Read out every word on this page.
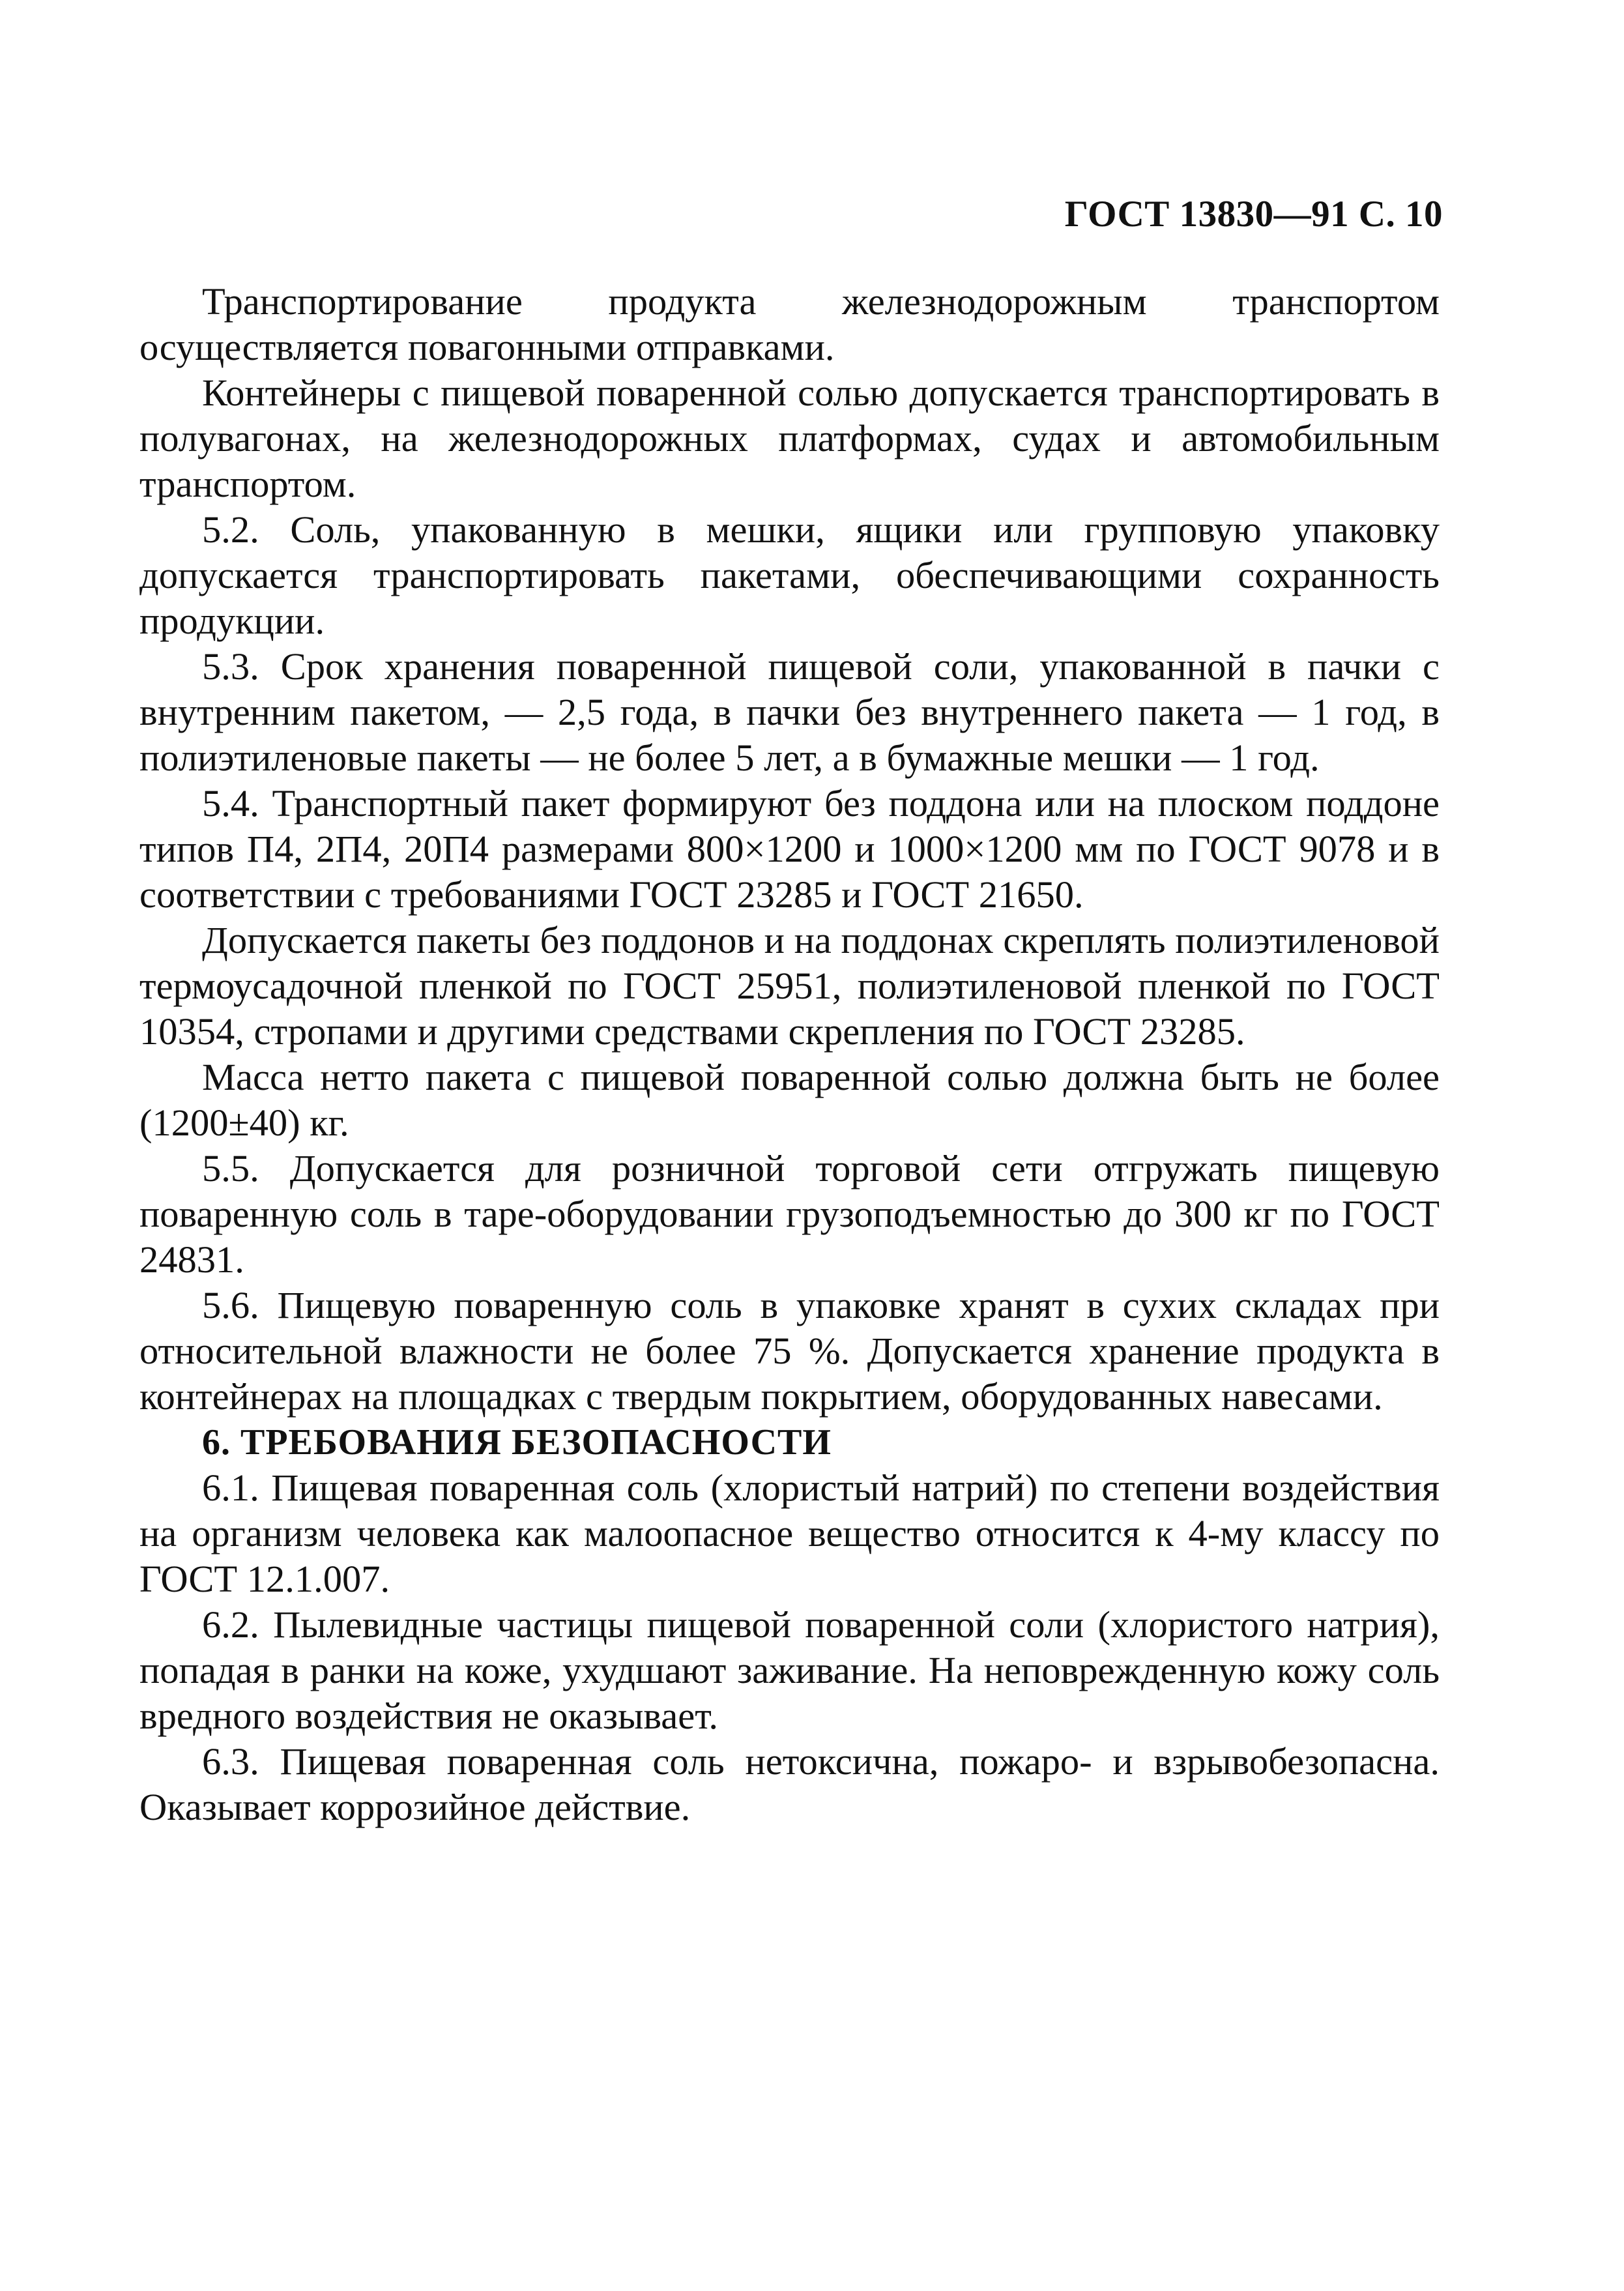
ГОСТ 13830—91 С. 10

Транспортирование продукта железнодорожным транспортом осуществляется повагонными отправками.

Контейнеры с пищевой поваренной солью допускается транспортировать в полувагонах, на железнодорожных платформах, судах и автомобильным транспортом.

5.2. Соль, упакованную в мешки, ящики или групповую упаковку допускается транспортировать пакетами, обеспечивающими сохранность продукции.

5.3. Срок хранения поваренной пищевой соли, упакованной в пачки с внутренним пакетом, — 2,5 года, в пачки без внутреннего пакета — 1 год, в полиэтиленовые пакеты — не более 5 лет, а в бумажные мешки — 1 год.

5.4. Транспортный пакет формируют без поддона или на плоском поддоне типов П4, 2П4, 20П4 размерами 800×1200 и 1000×1200 мм по ГОСТ 9078 и в соответствии с требованиями ГОСТ 23285 и ГОСТ 21650.

Допускается пакеты без поддонов и на поддонах скреплять полиэтиленовой термоусадочной пленкой по ГОСТ 25951, полиэтиленовой пленкой по ГОСТ 10354, стропами и другими средствами скрепления по ГОСТ 23285.

Масса нетто пакета с пищевой поваренной солью должна быть не более (1200±40) кг.

5.5. Допускается для розничной торговой сети отгружать пищевую поваренную соль в таре-оборудовании грузоподъемностью до 300 кг по ГОСТ 24831.

5.6. Пищевую поваренную соль в упаковке хранят в сухих складах при относительной влажности не более 75 %. Допускается хранение продукта в контейнерах на площадках с твердым покрытием, оборудованных навесами.

6. ТРЕБОВАНИЯ БЕЗОПАСНОСТИ

6.1. Пищевая поваренная соль (хлористый натрий) по степени воздействия на организм человека как малоопасное вещество относится к 4-му классу по ГОСТ 12.1.007.

6.2. Пылевидные частицы пищевой поваренной соли (хлористого натрия), попадая в ранки на коже, ухудшают заживание. На неповрежденную кожу соль вредного воздействия не оказывает.

6.3. Пищевая поваренная соль нетоксична, пожаро- и взрывобезопасна. Оказывает коррозийное действие.
